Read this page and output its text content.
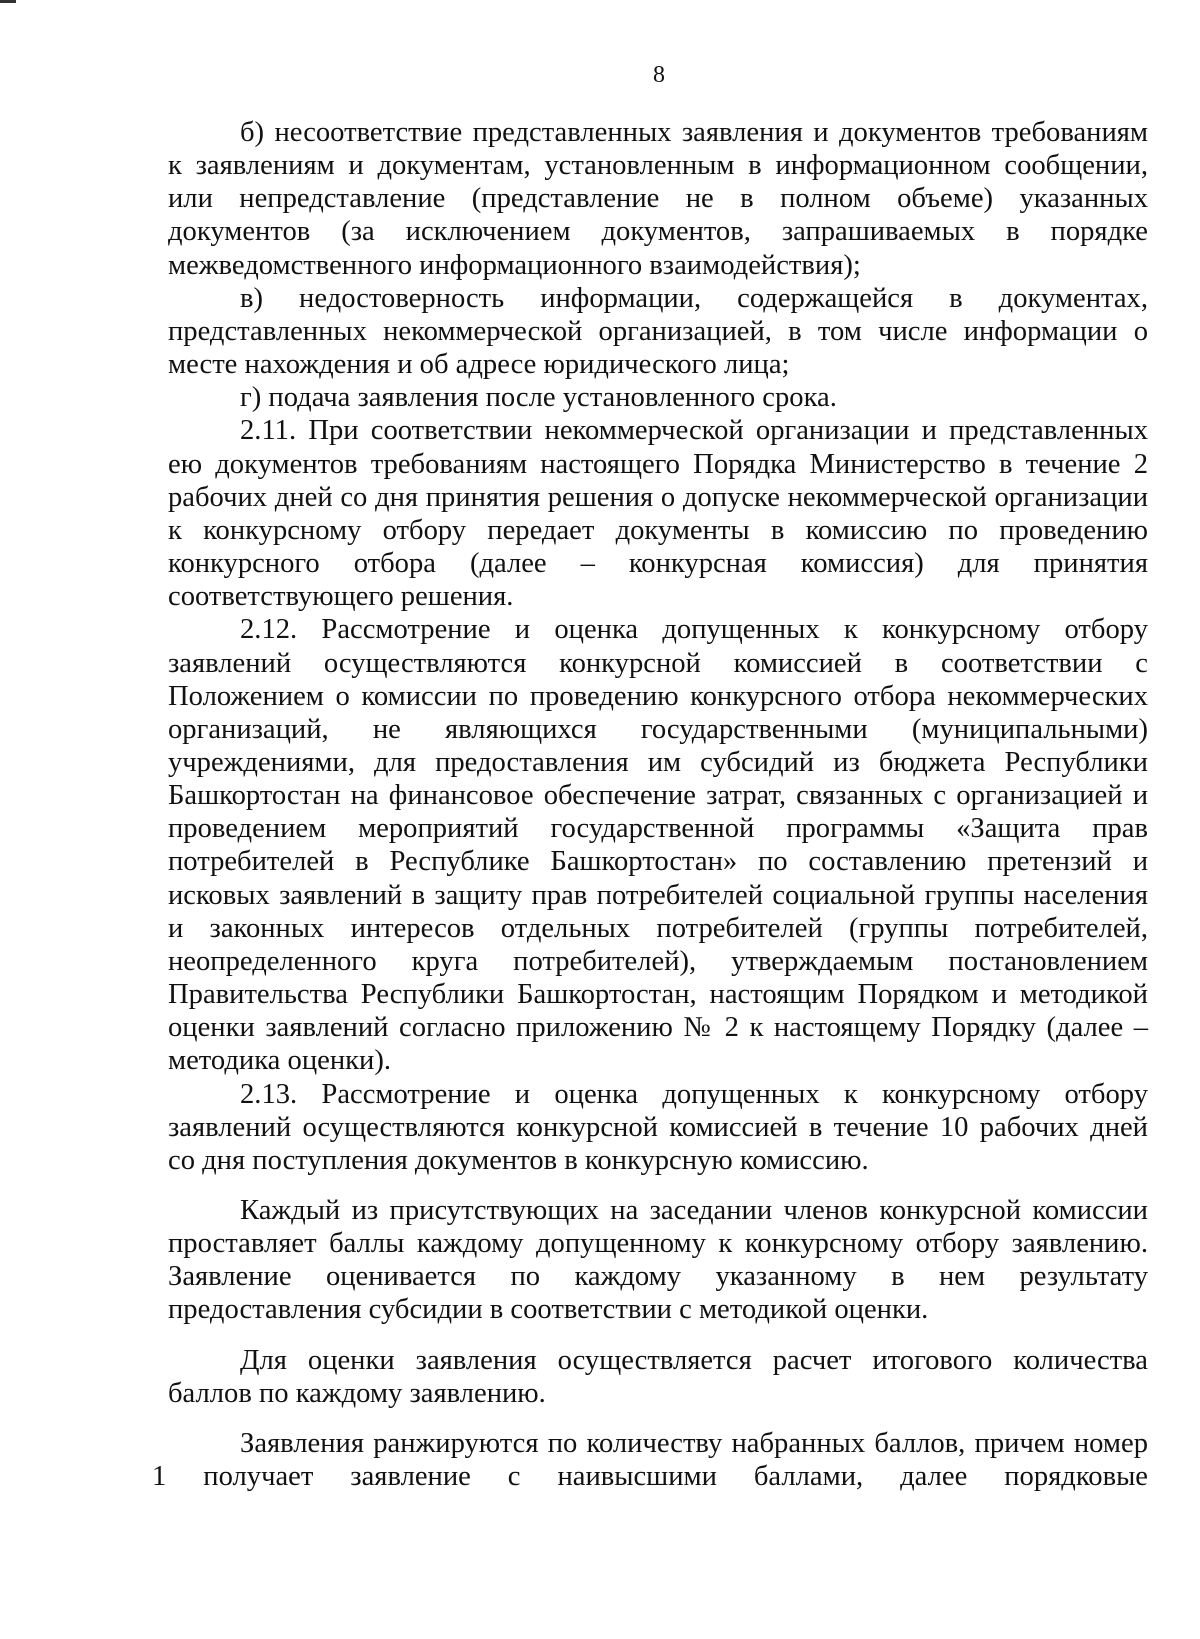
8

б) несоответствие представленных заявления и документов требованиям к заявлениям и документам, установленным в информационном сообщении, или непредставление (представление не в полном объеме) указанных документов (за исключением документов, запрашиваемых в порядке межведомственного информационного взаимодействия);

в) недостоверность информации, содержащейся в документах, представленных некоммерческой организацией, в том числе информации о месте нахождения и об адресе юридического лица;

г) подача заявления после установленного срока.

2.11. При соответствии некоммерческой организации и представленных ею документов требованиям настоящего Порядка Министерство в течение 2 рабочих дней со дня принятия решения о допуске некоммерческой организации к конкурсному отбору передает документы в комиссию по проведению конкурсного отбора (далее – конкурсная комиссия) для принятия соответствующего решения.

2.12. Рассмотрение и оценка допущенных к конкурсному отбору заявлений осуществляются конкурсной комиссией в соответствии с Положением о комиссии по проведению конкурсного отбора некоммерческих организаций, не являющихся государственными (муниципальными) учреждениями, для предоставления им субсидий из бюджета Республики Башкортостан на финансовое обеспечение затрат, связанных с организацией и проведением мероприятий государственной программы «Защита прав потребителей в Республике Башкортостан» по составлению претензий и исковых заявлений в защиту прав потребителей социальной группы населения и законных интересов отдельных потребителей (группы потребителей, неопределенного круга потребителей), утверждаемым постановлением Правительства Республики Башкортостан, настоящим Порядком и методикой оценки заявлений согласно приложению № 2 к настоящему Порядку (далее – методика оценки).

2.13. Рассмотрение и оценка допущенных к конкурсному отбору заявлений осуществляются конкурсной комиссией в течение 10 рабочих дней со дня поступления документов в конкурсную комиссию.

Каждый из присутствующих на заседании членов конкурсной комиссии проставляет баллы каждому допущенному к конкурсному отбору заявлению. Заявление оценивается по каждому указанному в нем результату предоставления субсидии в соответствии с методикой оценки.

Для оценки заявления осуществляется расчет итогового количества баллов по каждому заявлению.

Заявления ранжируются по количеству набранных баллов, причем номер 1 получает заявление с наивысшими баллами, далее порядковые
